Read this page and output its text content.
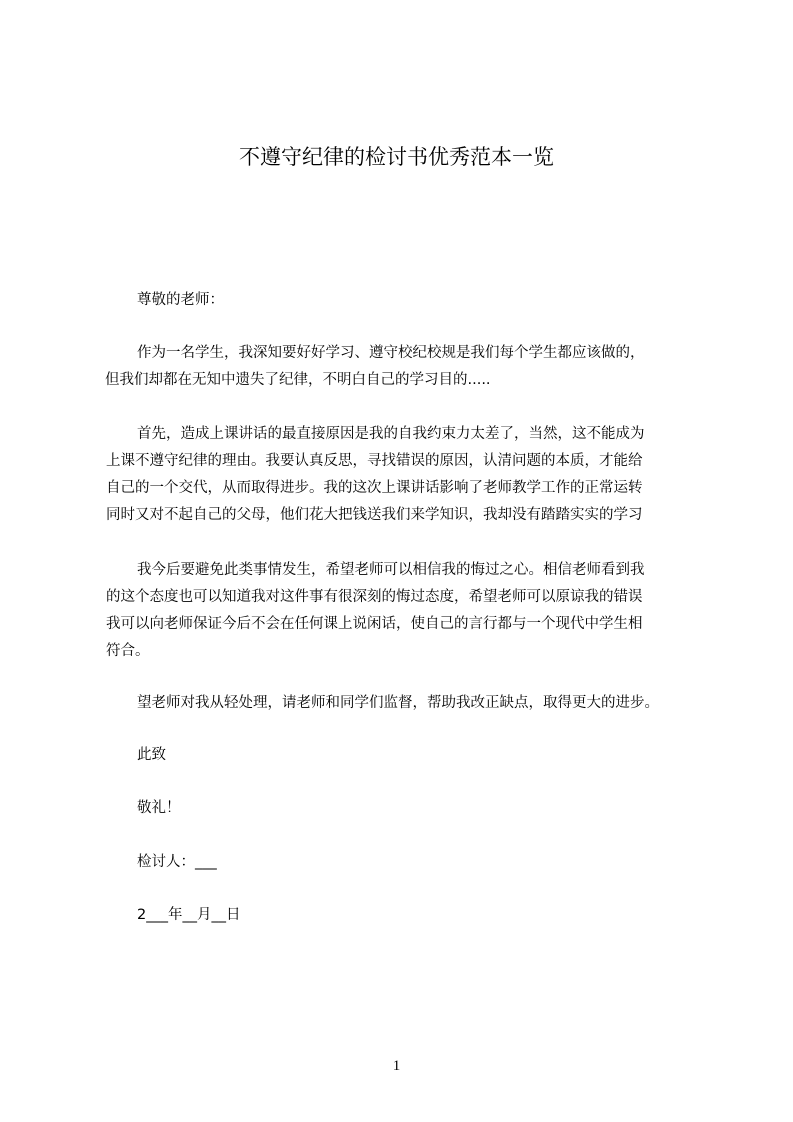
不遵守纪律的检讨书优秀范本一览

尊敬的老师：

作为一名学生，我深知要好好学习、遵守校纪校规是我们每个学生都应该做的，

但我们却都在无知中遗失了纪律，不明白自己的学习目的.....

首先，造成上课讲话的最直接原因是我的自我约束力太差了，当然，这不能成为

上课不遵守纪律的理由。我要认真反思，寻找错误的原因，认清问题的本质，才能给

自己的一个交代，从而取得进步。我的这次上课讲话影响了老师教学工作的正常运转

同时又对不起自己的父母，他们花大把钱送我们来学知识，我却没有踏踏实实的学习

我今后要避免此类事情发生，希望老师可以相信我的悔过之心。相信老师看到我

的这个态度也可以知道我对这件事有很深刻的悔过态度，希望老师可以原谅我的错误

我可以向老师保证今后不会在任何课上说闲话，使自己的言行都与一个现代中学生相

符合。

望老师对我从轻处理，请老师和同学们监督，帮助我改正缺点，取得更大的进步。

此致

敬礼！

检讨人：___

2___年__月__日

1
